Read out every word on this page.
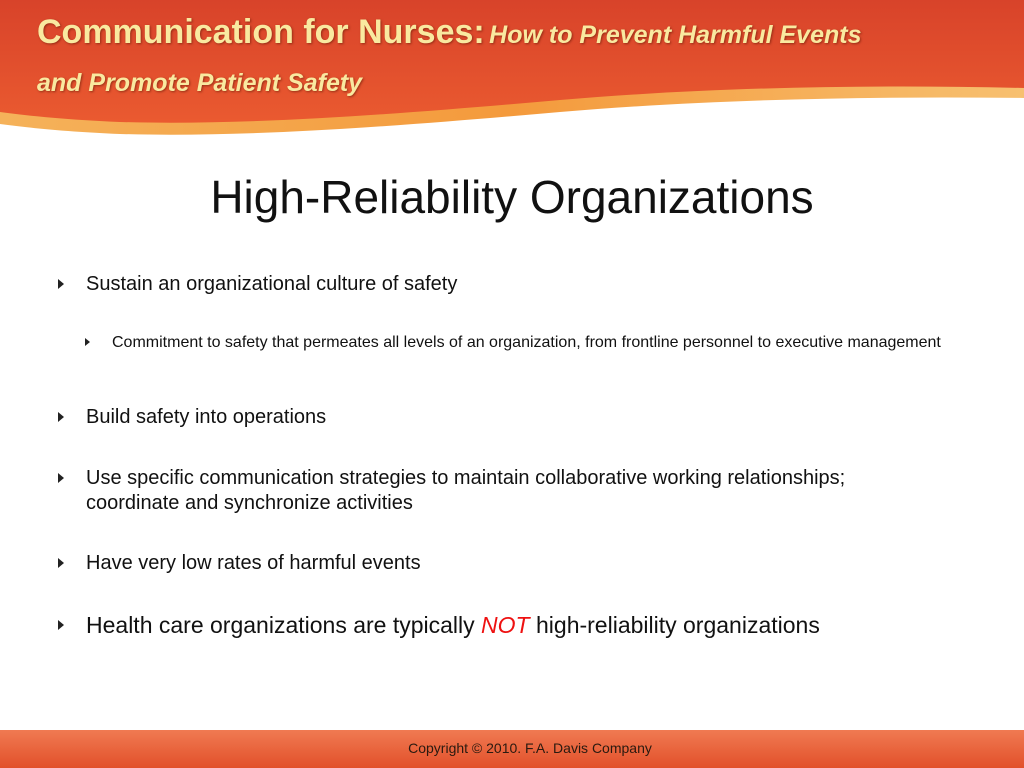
Communication for Nurses: How to Prevent Harmful Events
and Promote Patient Safety
High-Reliability Organizations
Sustain an organizational culture of safety
Commitment to safety that permeates all levels of an organization, from frontline personnel to executive management
Build safety into operations
Use specific communication strategies to maintain collaborative working relationships; coordinate and synchronize activities
Have very low rates of harmful events
Health care organizations are typically NOT high-reliability organizations
Copyright © 2010. F.A. Davis Company
